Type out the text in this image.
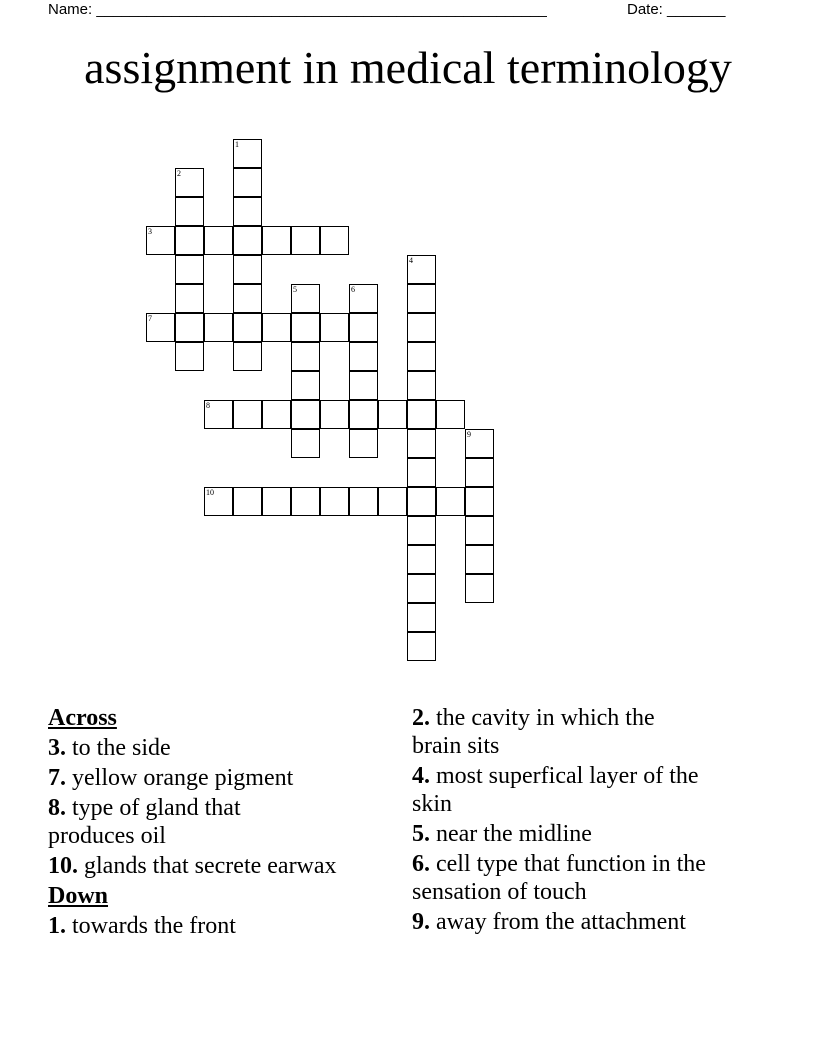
Name: ______________________________________________________	Date: _______
assignment in medical terminology
1
2
3
4
5	6
7
8
9
10
Across
3. to the side
7. yellow orange pigment
8. type of gland that produces oil
10. glands that secrete earwax
Down
1. towards the front
2. the cavity in which the brain sits
4. most superfical layer of the skin
5. near the midline
6. cell type that function in the sensation of touch
9. away from the attachment
